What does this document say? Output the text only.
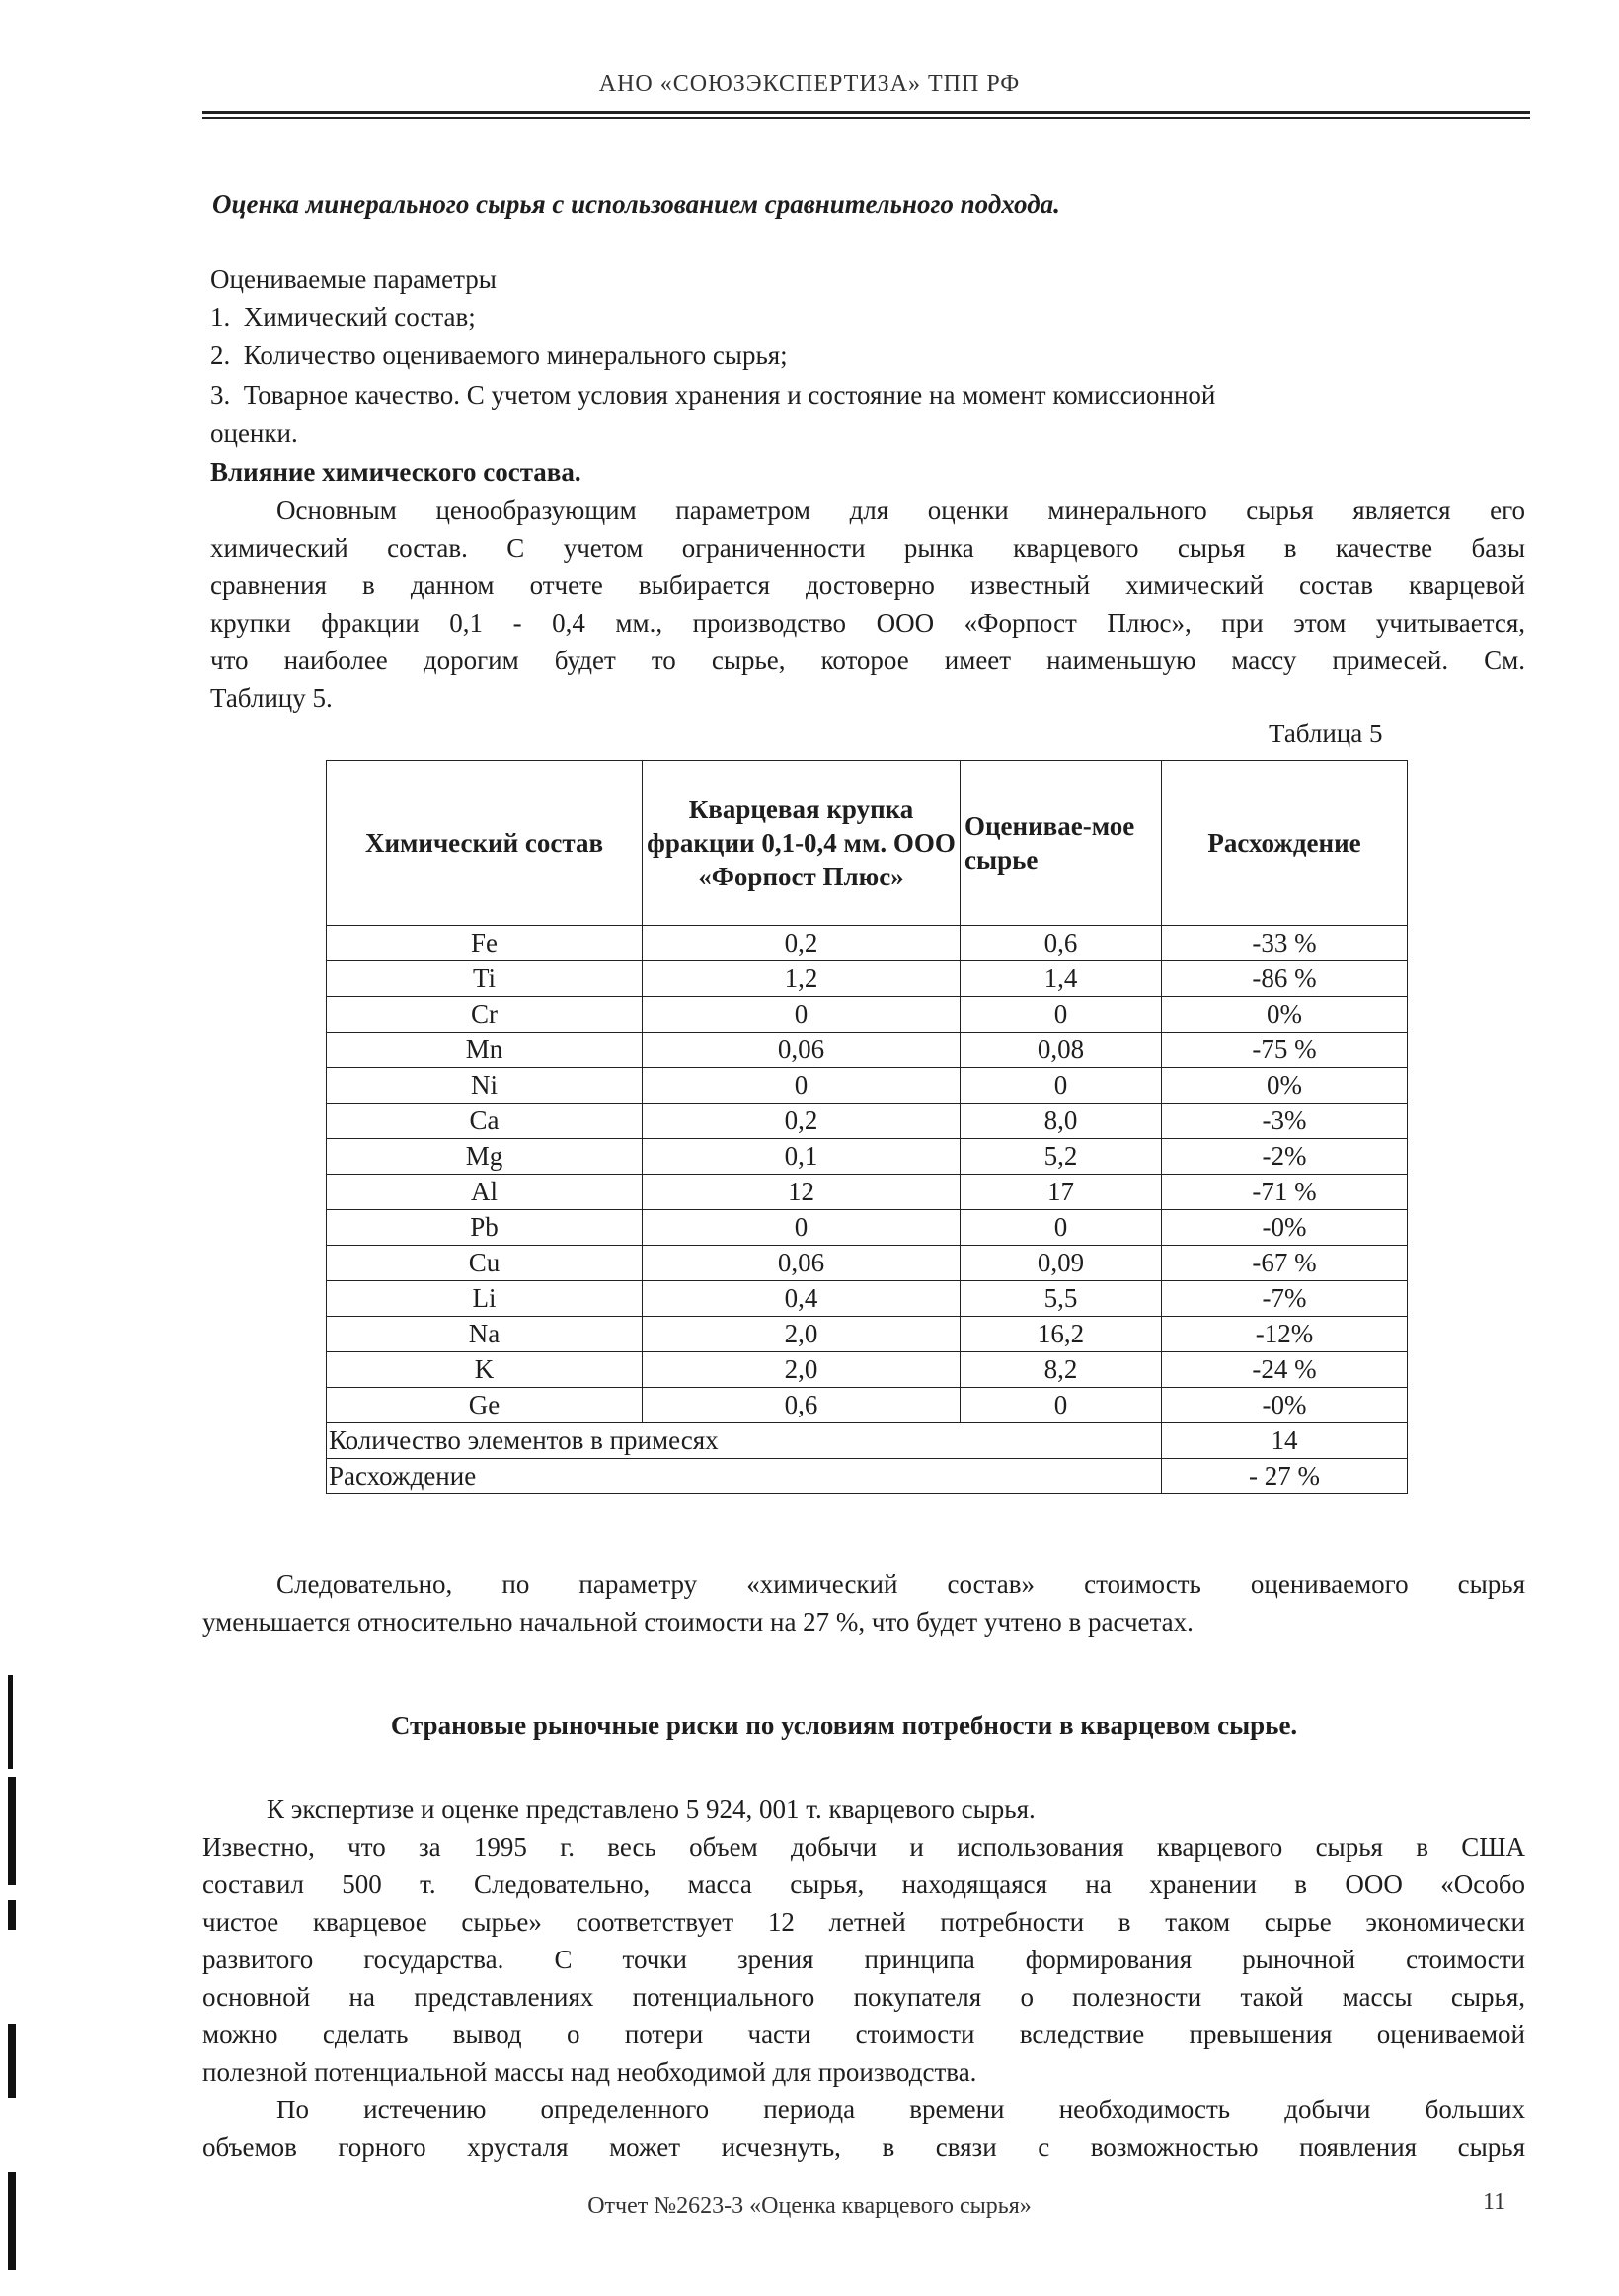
АНО «СОЮЗЭКСПЕРТИЗА» ТПП РФ
Оценка минерального сырья с использованием сравнительного подхода.
Оцениваемые параметры
1. Химический состав;
2. Количество оцениваемого минерального сырья;
3. Товарное качество. С учетом условия хранения и состояние на момент комиссионной
оценки.
Влияние химического состава.
Основным ценообразующим параметром для оценки минерального сырья является его
химический состав. С учетом ограниченности рынка кварцевого сырья в качестве базы
сравнения в данном отчете выбирается достоверно известный химический состав кварцевой
крупки фракции 0,1 - 0,4 мм., производство ООО «Форпост Плюс», при этом учитывается,
что наиболее дорогим будет то сырье, которое имеет наименьшую массу примесей. См.
Таблицу 5.
Таблица 5
Химический состав	Кварцевая крупка фракции 0,1-0,4 мм. ООО «Форпост Плюс»	Оценивае-мое сырье	Расхождение
Fe	0,2	0,6	-33 %
Ti	1,2	1,4	-86 %
Cr	0	0	0%
Mn	0,06	0,08	-75 %
Ni	0	0	0%
Ca	0,2	8,0	-3%
Mg	0,1	5,2	-2%
Al	12	17	-71 %
Pb	0	0	-0%
Cu	0,06	0,09	-67 %
Li	0,4	5,5	-7%
Na	2,0	16,2	-12%
K	2,0	8,2	-24 %
Ge	0,6	0	-0%
Количество элементов в примесях			14
Расхождение			- 27 %
Следовательно, по параметру «химический состав» стоимость оцениваемого сырья
уменьшается относительно начальной стоимости на 27 %, что будет учтено в расчетах.
Страновые рыночные риски по условиям потребности в кварцевом сырье.
К экспертизе и оценке представлено 5 924, 001 т. кварцевого сырья.
Известно, что за 1995 г. весь объем добычи и использования кварцевого сырья в США
составил 500 т. Следовательно, масса сырья, находящаяся на хранении в ООО «Особо
чистое кварцевое сырье» соответствует 12 летней потребности в таком сырье экономически
развитого государства. С точки зрения принципа формирования рыночной стоимости
основной на представлениях потенциального покупателя о полезности такой массы сырья,
можно сделать вывод о потери части стоимости вследствие превышения оцениваемой
полезной потенциальной массы над необходимой для производства.
По истечению определенного периода времени необходимость добычи больших
объемов горного хрусталя может исчезнуть, в связи с возможностью появления сырья
Отчет №2623-3 «Оценка кварцевого сырья»	11
